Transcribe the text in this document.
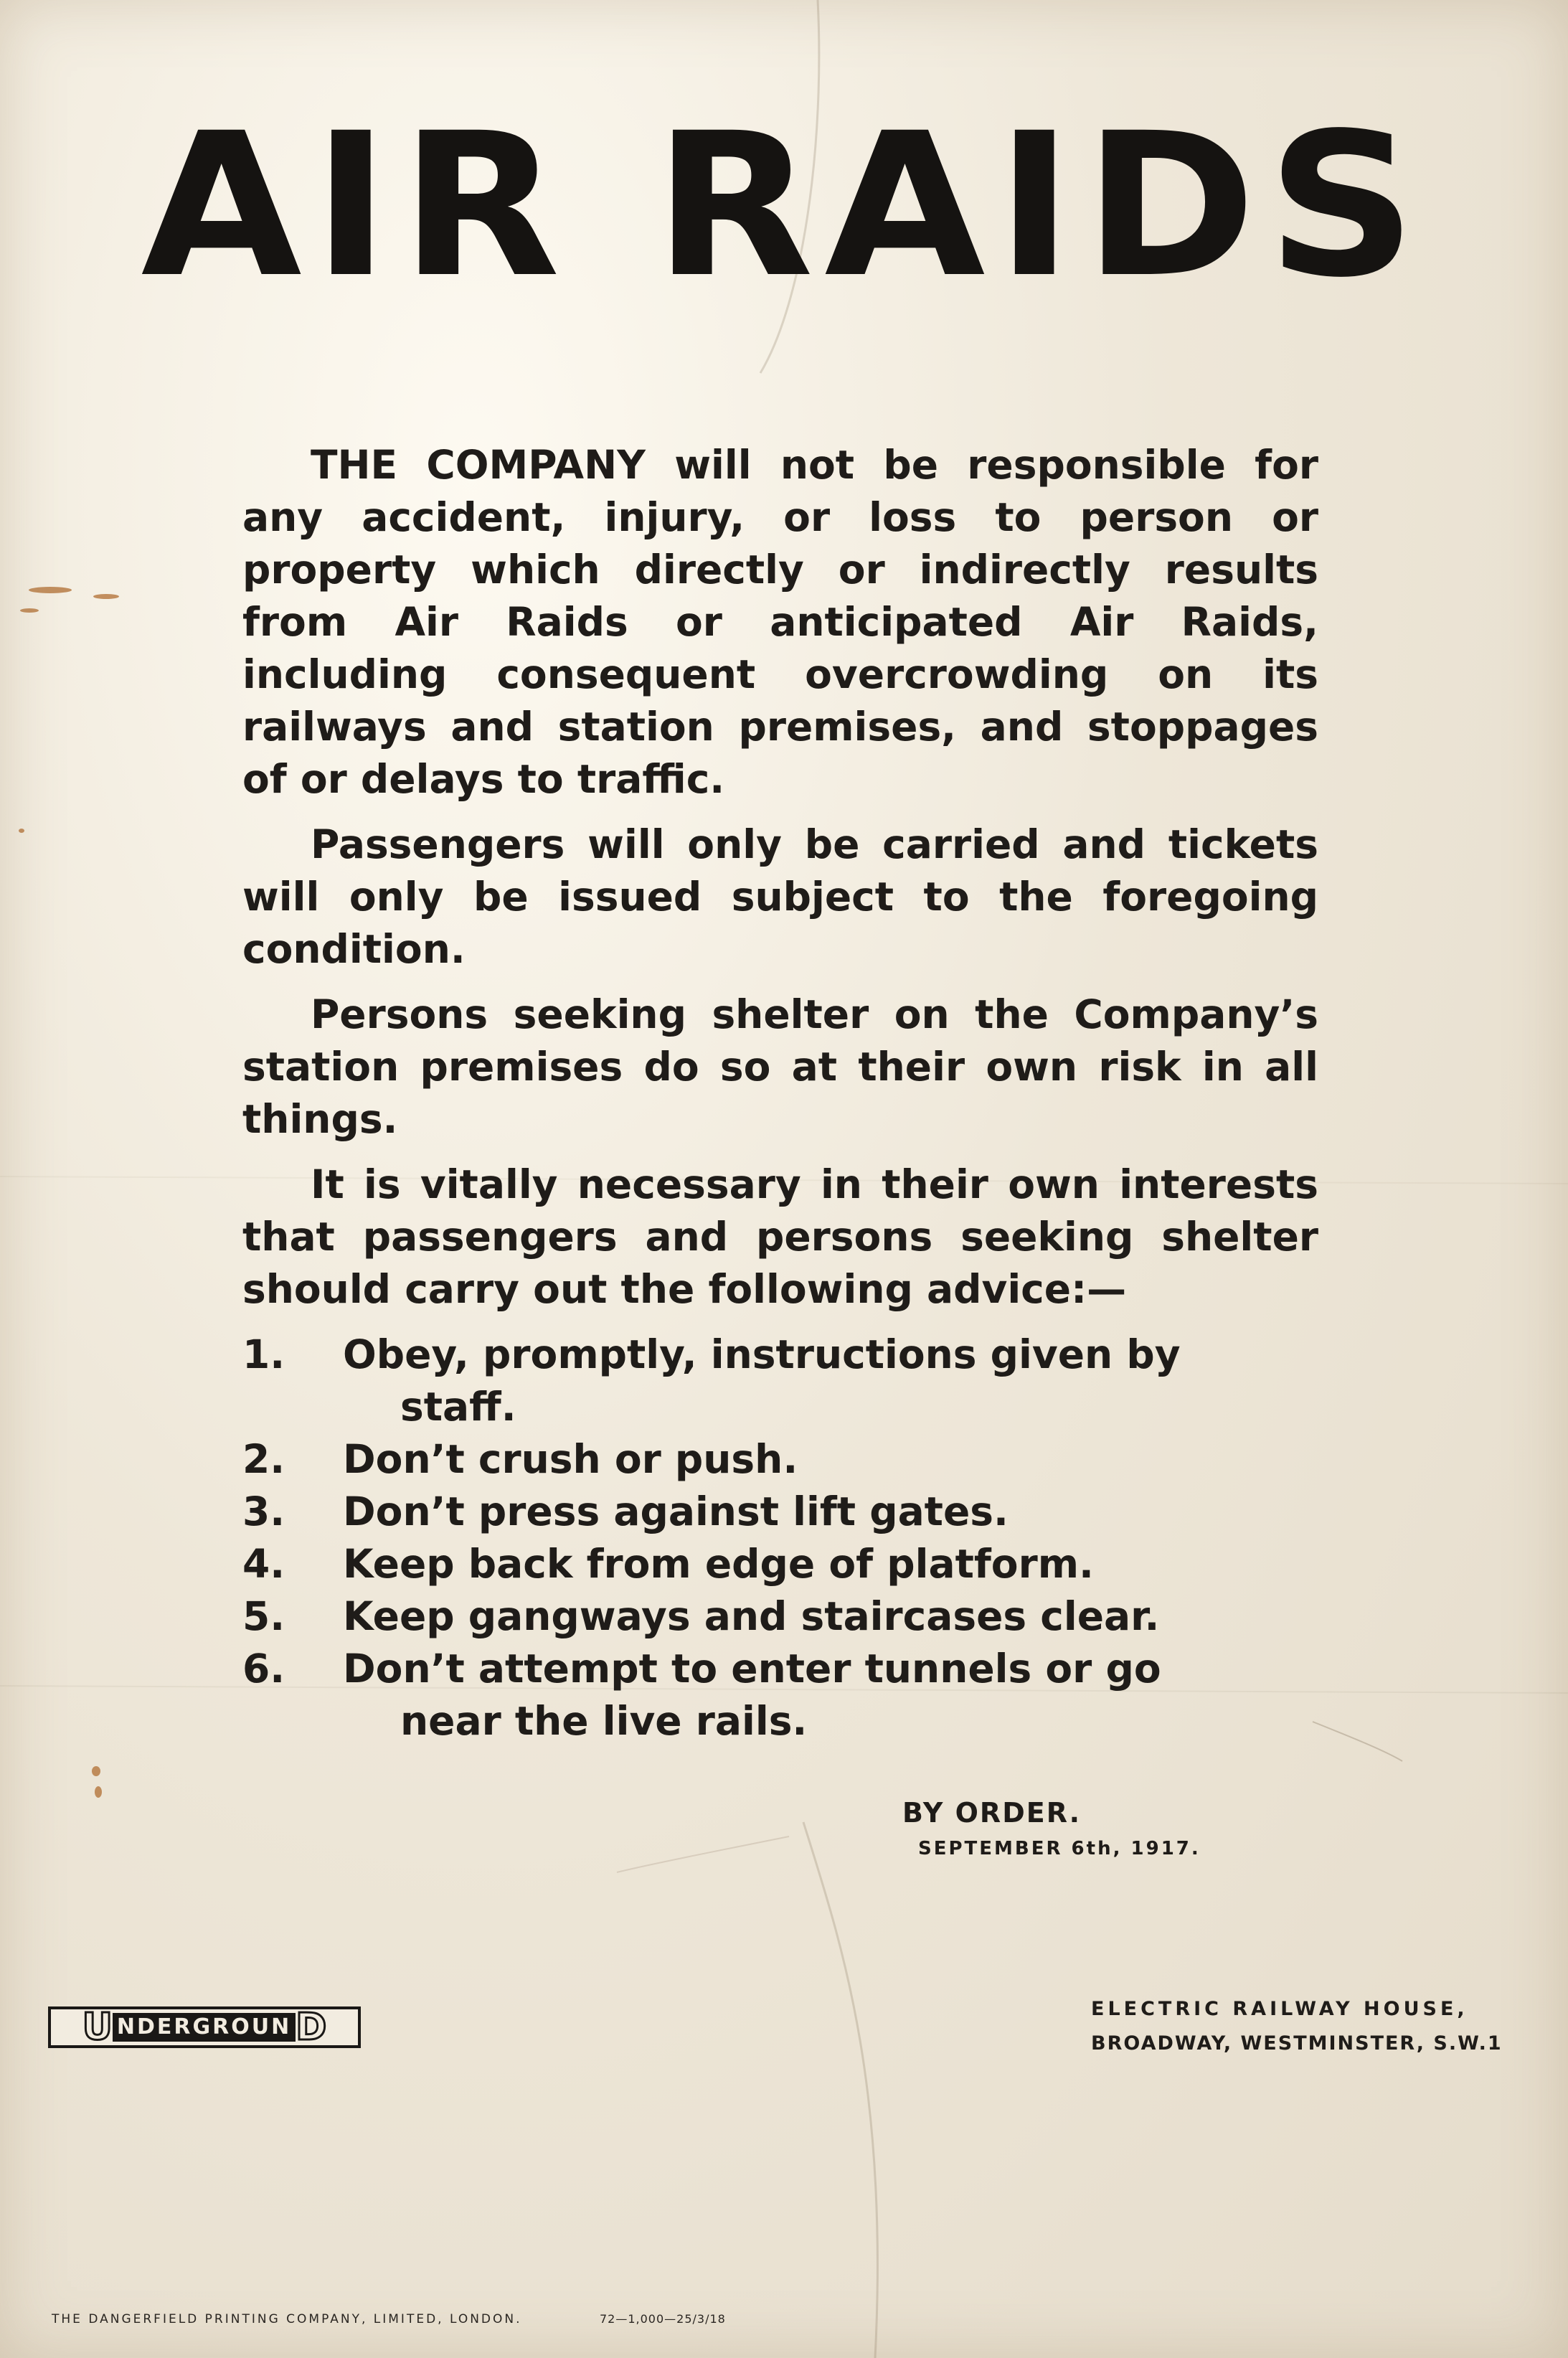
AIR RAIDS

THE COMPANY will not be responsible for any accident, injury, or loss to person or property which directly or indirectly results from Air Raids or anticipated Air Raids, including consequent overcrowding on its railways and station premises, and stoppages of or delays to traffic.

Passengers will only be carried and tickets will only be issued subject to the foregoing condition.

Persons seeking shelter on the Company’s station premises do so at their own risk in all things.

It is vitally necessary in their own interests that passengers and persons seeking shelter should carry out the following advice:—

1.	Obey, promptly, instructions given by
staff.
2.	Don’t crush or push.
3.	Don’t press against lift gates.
4.	Keep back from edge of platform.
5.	Keep gangways and staircases clear.
6.	Don’t attempt to enter tunnels or go
near the live rails.
BY ORDER.
SEPTEMBER 6th, 1917.
U NDERGROUN D	ELECTRIC RAILWAY HOUSE,
BROADWAY, WESTMINSTER, S.W.1
THE DANGERFIELD PRINTING COMPANY, LIMITED, LONDON.	72—1,000—25/3/18
